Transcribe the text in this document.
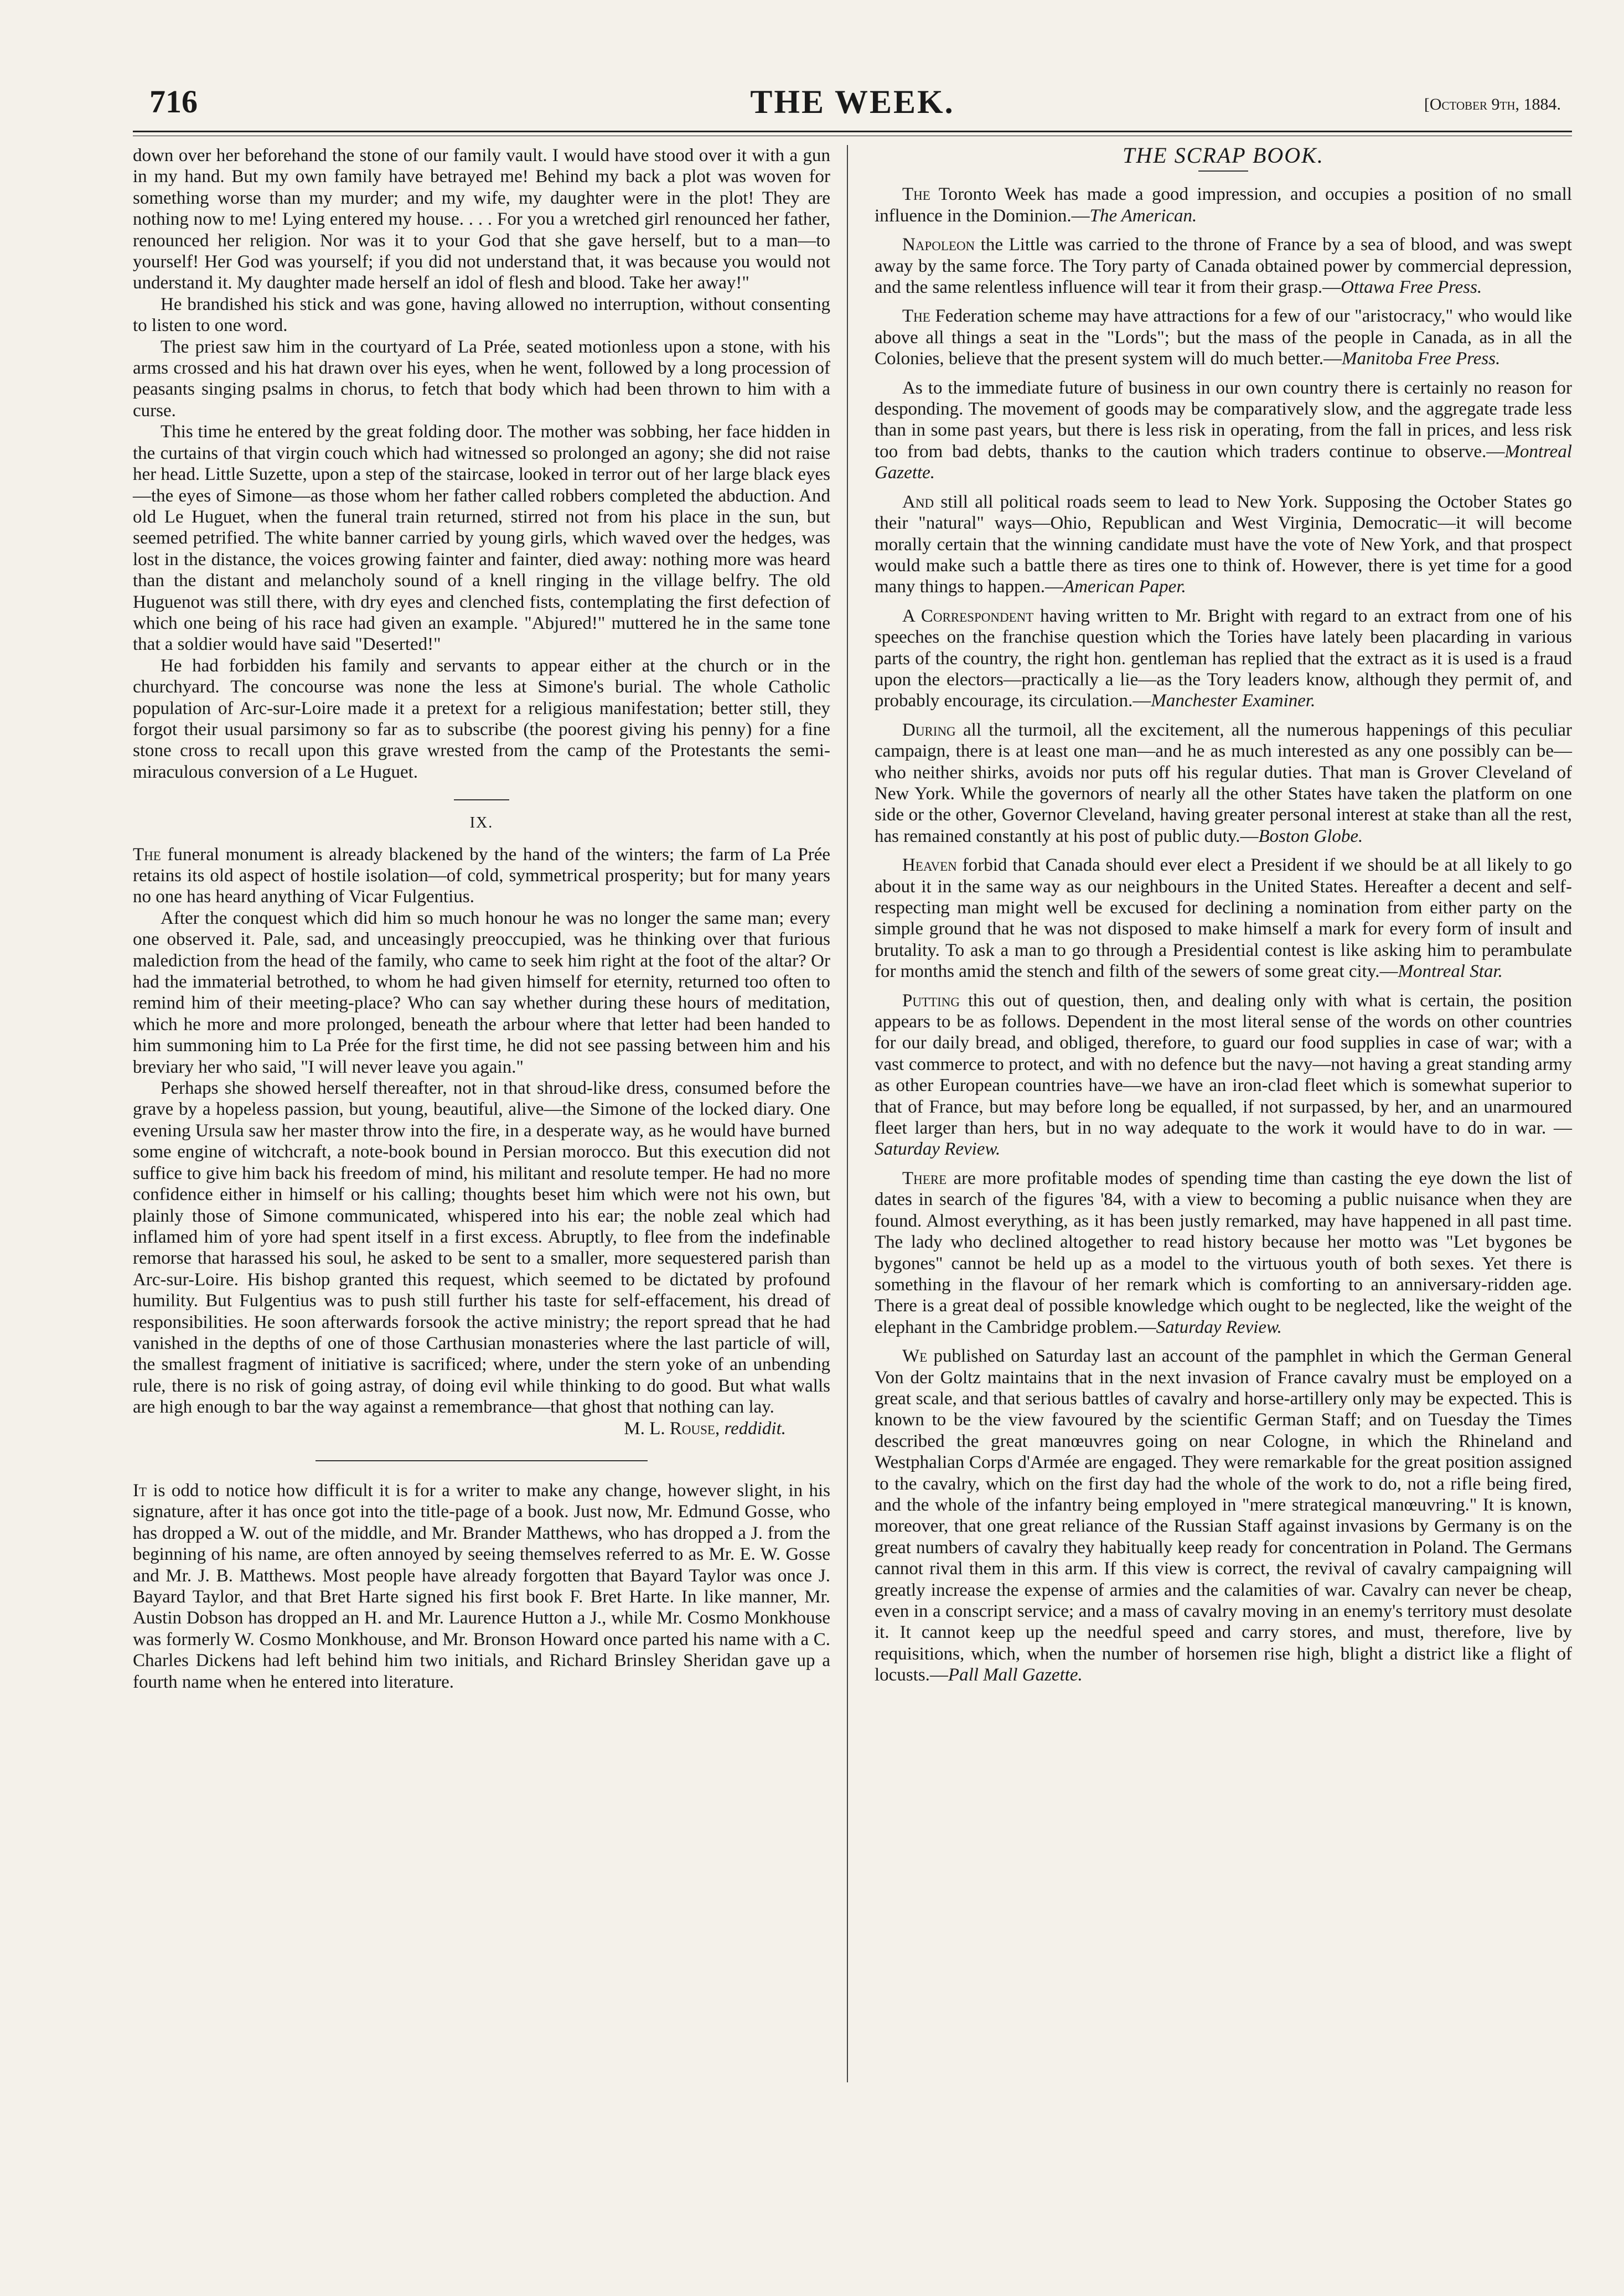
716	THE WEEK.	[October 9th, 1884.

down over her beforehand the stone of our family vault. I would have stood over it with a gun in my hand. But my own family have betrayed me! Behind my back a plot was woven for something worse than my murder; and my wife, my daughter were in the plot! They are nothing now to me! Lying entered my house. . . . For you a wretched girl renounced her father, renounced her religion. Nor was it to your God that she gave herself, but to a man—to yourself! Her God was yourself; if you did not understand that, it was because you would not understand it. My daughter made herself an idol of flesh and blood. Take her away!"

He brandished his stick and was gone, having allowed no interruption, without consenting to listen to one word.

The priest saw him in the courtyard of La Prée, seated motionless upon a stone, with his arms crossed and his hat drawn over his eyes, when he went, followed by a long procession of peasants singing psalms in chorus, to fetch that body which had been thrown to him with a curse.

This time he entered by the great folding door. The mother was sobbing, her face hidden in the curtains of that virgin couch which had witnessed so prolonged an agony; she did not raise her head. Little Suzette, upon a step of the staircase, looked in terror out of her large black eyes—the eyes of Simone—as those whom her father called robbers completed the abduction. And old Le Huguet, when the funeral train returned, stirred not from his place in the sun, but seemed petrified. The white banner carried by young girls, which waved over the hedges, was lost in the distance, the voices growing fainter and fainter, died away: nothing more was heard than the distant and melancholy sound of a knell ringing in the village belfry. The old Huguenot was still there, with dry eyes and clenched fists, contemplating the first defection of which one being of his race had given an example. "Abjured!" muttered he in the same tone that a soldier would have said "Deserted!"

He had forbidden his family and servants to appear either at the church or in the churchyard. The concourse was none the less at Simone's burial. The whole Catholic population of Arc-sur-Loire made it a pretext for a religious manifestation; better still, they forgot their usual parsimony so far as to subscribe (the poorest giving his penny) for a fine stone cross to recall upon this grave wrested from the camp of the Protestants the semi-miraculous conversion of a Le Huguet.

IX.

The funeral monument is already blackened by the hand of the winters; the farm of La Prée retains its old aspect of hostile isolation—of cold, symmetrical prosperity; but for many years no one has heard anything of Vicar Fulgentius.

After the conquest which did him so much honour he was no longer the same man; every one observed it. Pale, sad, and unceasingly preoccupied, was he thinking over that furious malediction from the head of the family, who came to seek him right at the foot of the altar? Or had the immaterial betrothed, to whom he had given himself for eternity, returned too often to remind him of their meeting-place? Who can say whether during these hours of meditation, which he more and more prolonged, beneath the arbour where that letter had been handed to him summoning him to La Prée for the first time, he did not see passing between him and his breviary her who said, "I will never leave you again."

Perhaps she showed herself thereafter, not in that shroud-like dress, consumed before the grave by a hopeless passion, but young, beautiful, alive—the Simone of the locked diary. One evening Ursula saw her master throw into the fire, in a desperate way, as he would have burned some engine of witchcraft, a note-book bound in Persian morocco. But this execution did not suffice to give him back his freedom of mind, his militant and resolute temper. He had no more confidence either in himself or his calling; thoughts beset him which were not his own, but plainly those of Simone communicated, whispered into his ear; the noble zeal which had inflamed him of yore had spent itself in a first excess. Abruptly, to flee from the indefinable remorse that harassed his soul, he asked to be sent to a smaller, more sequestered parish than Arc-sur-Loire. His bishop granted this request, which seemed to be dictated by profound humility. But Fulgentius was to push still further his taste for self-effacement, his dread of responsibilities. He soon afterwards forsook the active ministry; the report spread that he had vanished in the depths of one of those Carthusian monasteries where the last particle of will, the smallest fragment of initiative is sacrificed; where, under the stern yoke of an unbending rule, there is no risk of going astray, of doing evil while thinking to do good. But what walls are high enough to bar the way against a remembrance—that ghost that nothing can lay.

M. L. Rouse, reddidit.

It is odd to notice how difficult it is for a writer to make any change, however slight, in his signature, after it has once got into the title-page of a book. Just now, Mr. Edmund Gosse, who has dropped a W. out of the middle, and Mr. Brander Matthews, who has dropped a J. from the beginning of his name, are often annoyed by seeing themselves referred to as Mr. E. W. Gosse and Mr. J. B. Matthews. Most people have already forgotten that Bayard Taylor was once J. Bayard Taylor, and that Bret Harte signed his first book F. Bret Harte. In like manner, Mr. Austin Dobson has dropped an H. and Mr. Laurence Hutton a J., while Mr. Cosmo Monkhouse was formerly W. Cosmo Monkhouse, and Mr. Bronson Howard once parted his name with a C. Charles Dickens had left behind him two initials, and Richard Brinsley Sheridan gave up a fourth name when he entered into literature.

THE SCRAP BOOK.

The Toronto Week has made a good impression, and occupies a position of no small influence in the Dominion.—The American.

Napoleon the Little was carried to the throne of France by a sea of blood, and was swept away by the same force. The Tory party of Canada obtained power by commercial depression, and the same relentless influence will tear it from their grasp.—Ottawa Free Press.

The Federation scheme may have attractions for a few of our "aristocracy," who would like above all things a seat in the "Lords"; but the mass of the people in Canada, as in all the Colonies, believe that the present system will do much better.—Manitoba Free Press.

As to the immediate future of business in our own country there is certainly no reason for desponding. The movement of goods may be comparatively slow, and the aggregate trade less than in some past years, but there is less risk in operating, from the fall in prices, and less risk too from bad debts, thanks to the caution which traders continue to observe.—Montreal Gazette.

And still all political roads seem to lead to New York. Supposing the October States go their "natural" ways—Ohio, Republican and West Virginia, Democratic—it will become morally certain that the winning candidate must have the vote of New York, and that prospect would make such a battle there as tires one to think of. However, there is yet time for a good many things to happen.—American Paper.

A Correspondent having written to Mr. Bright with regard to an extract from one of his speeches on the franchise question which the Tories have lately been placarding in various parts of the country, the right hon. gentleman has replied that the extract as it is used is a fraud upon the electors—practically a lie—as the Tory leaders know, although they permit of, and probably encourage, its circulation.—Manchester Examiner.

During all the turmoil, all the excitement, all the numerous happenings of this peculiar campaign, there is at least one man—and he as much interested as any one possibly can be—who neither shirks, avoids nor puts off his regular duties. That man is Grover Cleveland of New York. While the governors of nearly all the other States have taken the platform on one side or the other, Governor Cleveland, having greater personal interest at stake than all the rest, has remained constantly at his post of public duty.—Boston Globe.

Heaven forbid that Canada should ever elect a President if we should be at all likely to go about it in the same way as our neighbours in the United States. Hereafter a decent and self-respecting man might well be excused for declining a nomination from either party on the simple ground that he was not disposed to make himself a mark for every form of insult and brutality. To ask a man to go through a Presidential contest is like asking him to perambulate for months amid the stench and filth of the sewers of some great city.—Montreal Star.

Putting this out of question, then, and dealing only with what is certain, the position appears to be as follows. Dependent in the most literal sense of the words on other countries for our daily bread, and obliged, therefore, to guard our food supplies in case of war; with a vast commerce to protect, and with no defence but the navy—not having a great standing army as other European countries have—we have an iron-clad fleet which is somewhat superior to that of France, but may before long be equalled, if not surpassed, by her, and an unarmoured fleet larger than hers, but in no way adequate to the work it would have to do in war. —Saturday Review.

There are more profitable modes of spending time than casting the eye down the list of dates in search of the figures '84, with a view to becoming a public nuisance when they are found. Almost everything, as it has been justly remarked, may have happened in all past time. The lady who declined altogether to read history because her motto was "Let bygones be bygones" cannot be held up as a model to the virtuous youth of both sexes. Yet there is something in the flavour of her remark which is comforting to an anniversary-ridden age. There is a great deal of possible knowledge which ought to be neglected, like the weight of the elephant in the Cambridge problem.—Saturday Review.

We published on Saturday last an account of the pamphlet in which the German General Von der Goltz maintains that in the next invasion of France cavalry must be employed on a great scale, and that serious battles of cavalry and horse-artillery only may be expected. This is known to be the view favoured by the scientific German Staff; and on Tuesday the Times described the great manœuvres going on near Cologne, in which the Rhineland and Westphalian Corps d'Armée are engaged. They were remarkable for the great position assigned to the cavalry, which on the first day had the whole of the work to do, not a rifle being fired, and the whole of the infantry being employed in "mere strategical manœuvring." It is known, moreover, that one great reliance of the Russian Staff against invasions by Germany is on the great numbers of cavalry they habitually keep ready for concentration in Poland. The Germans cannot rival them in this arm. If this view is correct, the revival of cavalry campaigning will greatly increase the expense of armies and the calamities of war. Cavalry can never be cheap, even in a conscript service; and a mass of cavalry moving in an enemy's territory must desolate it. It cannot keep up the needful speed and carry stores, and must, therefore, live by requisitions, which, when the number of horsemen rise high, blight a district like a flight of locusts.—Pall Mall Gazette.
